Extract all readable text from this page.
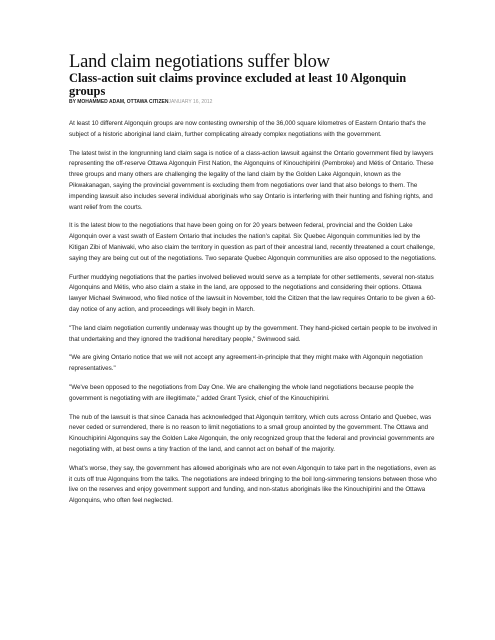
Land claim negotiations suffer blow
Class-action suit claims province excluded at least 10 Algonquin groups
BY MOHAMMED ADAM, OTTAWA CITIZENJANUARY 16, 2012

At least 10 different Algonquin groups are now contesting ownership of the 36,000 square kilometres of Eastern Ontario that's the subject of a historic aboriginal land claim, further complicating already complex negotiations with the government.

The latest twist in the longrunning land claim saga is notice of a class-action lawsuit against the Ontario government filed by lawyers representing the off-reserve Ottawa Algonquin First Nation, the Algonquins of Kinouchipirini (Pembroke) and Métis of Ontario. These three groups and many others are challenging the legality of the land claim by the Golden Lake Algonquin, known as the Pikwakanagan, saying the provincial government is excluding them from negotiations over land that also belongs to them. The impending lawsuit also includes several individual aboriginals who say Ontario is interfering with their hunting and fishing rights, and want relief from the courts.

It is the latest blow to the negotiations that have been going on for 20 years between federal, provincial and the Golden Lake Algonquin over a vast swath of Eastern Ontario that includes the nation's capital. Six Quebec Algonquin communities led by the Kitigan Zibi of Maniwaki, who also claim the territory in question as part of their ancestral land, recently threatened a court challenge, saying they are being cut out of the negotiations. Two separate Quebec Algonquin communities are also opposed to the negotiations.

Further muddying negotiations that the parties involved believed would serve as a template for other settlements, several non-status Algonquins and Métis, who also claim a stake in the land, are opposed to the negotiations and considering their options. Ottawa lawyer Michael Swinwood, who filed notice of the lawsuit in November, told the Citizen that the law requires Ontario to be given a 60-day notice of any action, and proceedings will likely begin in March.

"The land claim negotiation currently underway was thought up by the government. They hand-picked certain people to be involved in that undertaking and they ignored the traditional hereditary people," Swinwood said.

"We are giving Ontario notice that we will not accept any agreement-in-principle that they might make with Algonquin negotiation representatives."

"We've been opposed to the negotiations from Day One. We are challenging the whole land negotiations because people the government is negotiating with are illegitimate," added Grant Tysick, chief of the Kinouchipirini.

The nub of the lawsuit is that since Canada has acknowledged that Algonquin territory, which cuts across Ontario and Quebec, was never ceded or surrendered, there is no reason to limit negotiations to a small group anointed by the government. The Ottawa and Kinouchipirini Algonquins say the Golden Lake Algonquin, the only recognized group that the federal and provincial governments are negotiating with, at best owns a tiny fraction of the land, and cannot act on behalf of the majority.

What's worse, they say, the government has allowed aboriginals who are not even Algonquin to take part in the negotiations, even as it cuts off true Algonquins from the talks. The negotiations are indeed bringing to the boil long-simmering tensions between those who live on the reserves and enjoy government support and funding, and non-status aboriginals like the Kinouchipirini and the Ottawa Algonquins, who often feel neglected.
